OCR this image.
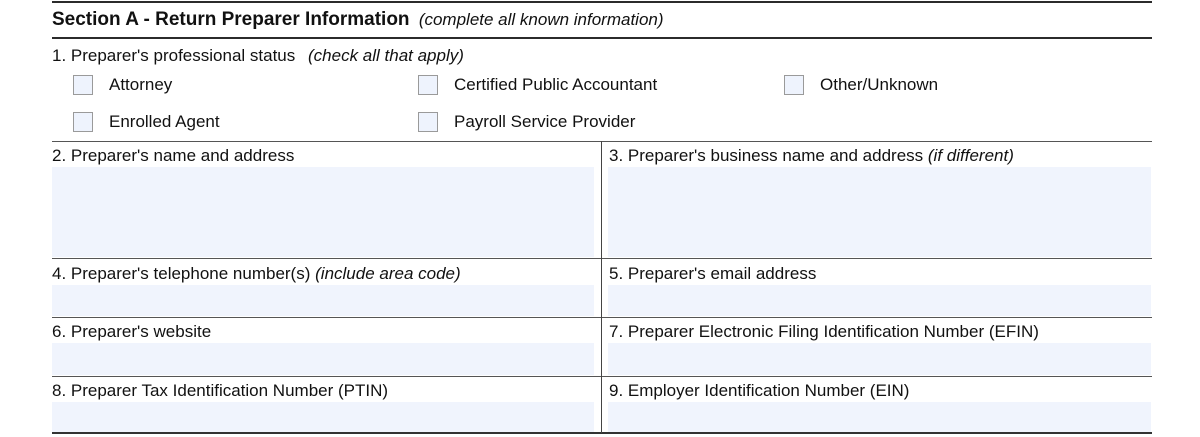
Section A - Return Preparer Information (complete all known information)
1. Preparer's professional status (check all that apply)
Attorney	Certified Public Accountant	Other/Unknown
Enrolled Agent	Payroll Service Provider
2. Preparer's name and address	3. Preparer's business name and address (if different)
4. Preparer's telephone number(s) (include area code)	5. Preparer's email address
6. Preparer's website	7. Preparer Electronic Filing Identification Number (EFIN)
8. Preparer Tax Identification Number (PTIN)	9. Employer Identification Number (EIN)
